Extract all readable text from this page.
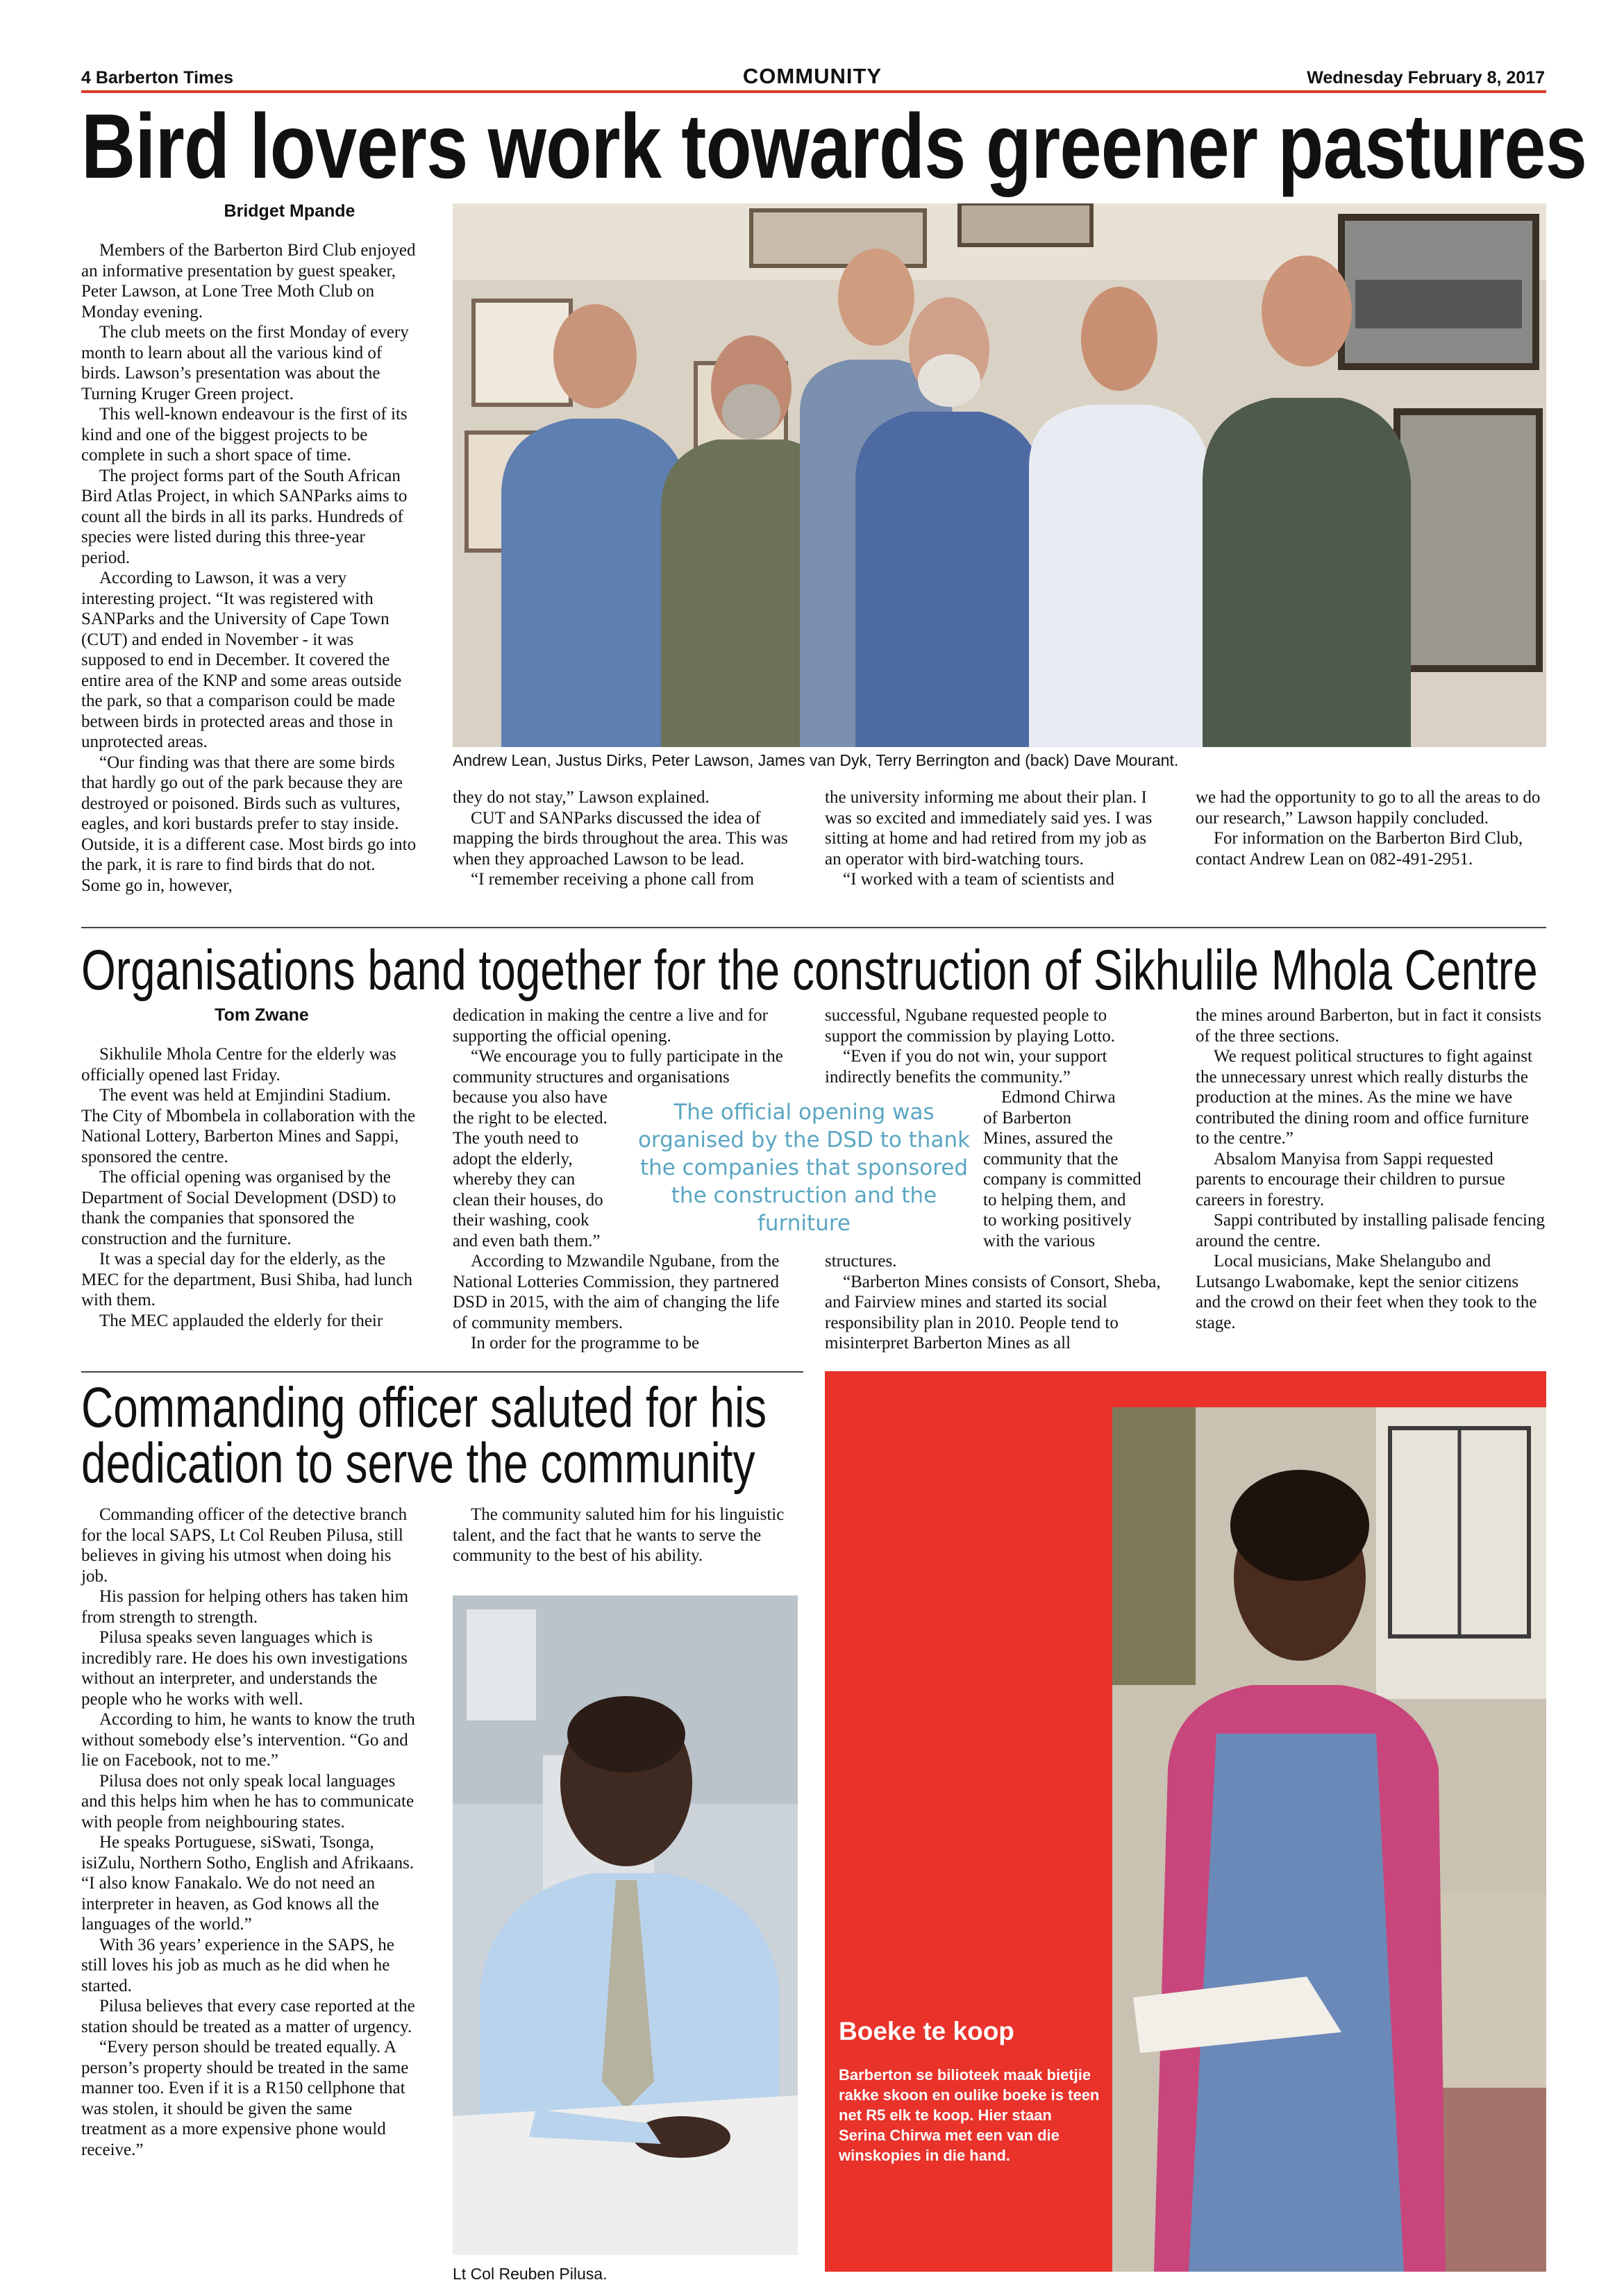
4 Barberton Times	COMMUNITY	Wednesday February 8, 2017
Bird lovers work towards greener pastures
Bridget Mpande

Members of the Barberton Bird Club enjoyed an informative presentation by guest speaker, Peter Lawson, at Lone Tree Moth Club on Monday evening.

The club meets on the first Monday of every month to learn about all the various kind of birds. Lawson’s presentation was about the Turning Kruger Green project.

This well-known endeavour is the first of its kind and one of the biggest projects to be complete in such a short space of time.

The project forms part of the South African Bird Atlas Project, in which SANParks aims to count all the birds in all its parks. Hundreds of species were listed during this three-year period.

According to Lawson, it was a very interesting project. “It was registered with SANParks and the University of Cape Town (CUT) and ended in November - it was supposed to end in December. It covered the entire area of the KNP and some areas outside the park, so that a comparison could be made between birds in protected areas and those in unprotected areas.

“Our finding was that there are some birds that hardly go out of the park because they are destroyed or poisoned. Birds such as vultures, eagles, and kori bustards prefer to stay inside. Outside, it is a different case. Most birds go into the park, it is rare to find birds that do not. Some go in, however,

Andrew Lean, Justus Dirks, Peter Lawson, James van Dyk, Terry Berrington and (back) Dave Mourant.

they do not stay,” Lawson explained.

CUT and SANParks discussed the idea of mapping the birds throughout the area. This was when they approached Lawson to be lead.

“I remember receiving a phone call from

the university informing me about their plan. I was so excited and immediately said yes. I was sitting at home and had retired from my job as an operator with bird-watching tours.

“I worked with a team of scientists and

we had the opportunity to go to all the areas to do our research,” Lawson happily concluded.

For information on the Barberton Bird Club, contact Andrew Lean on 082-491-2951.

Organisations band together for the construction of Sikhulile Mhola Centre
Tom Zwane

Sikhulile Mhola Centre for the elderly was officially opened last Friday.

The event was held at Emjindini Stadium. The City of Mbombela in collaboration with the National Lottery, Barberton Mines and Sappi, sponsored the centre.

The official opening was organised by the Department of Social Development (DSD) to thank the companies that sponsored the construction and the furniture.

It was a special day for the elderly, as the MEC for the department, Busi Shiba, had lunch with them.

The MEC applauded the elderly for their

dedication in making the centre a live and for supporting the official opening.

“We encourage you to fully participate in the community structures and organisations

because you also have
the right to be elected.
The youth need to
adopt the elderly,
whereby they can
clean their houses, do
their washing, cook
and even bath them.”

According to Mzwandile Ngubane, from the National Lotteries Commission, they partnered DSD in 2015, with the aim of changing the life of community members.

In order for the programme to be

The official opening was organised by the DSD to thank the companies that sponsored the construction and the furniture

successful, Ngubane requested people to support the commission by playing Lotto.

“Even if you do not win, your support indirectly benefits the community.”

Edmond Chirwa
of Barberton
Mines, assured the
community that the
company is committed
to helping them, and
to working positively
with the various

structures.

“Barberton Mines consists of Consort, Sheba, and Fairview mines and started its social responsibility plan in 2010. People tend to misinterpret Barberton Mines as all

the mines around Barberton, but in fact it consists of the three sections.

We request political structures to fight against the unnecessary unrest which really disturbs the production at the mines. As the mine we have contributed the dining room and office furniture to the centre.”

Absalom Manyisa from Sappi requested parents to encourage their children to pursue careers in forestry.

Sappi contributed by installing palisade fencing around the centre.

Local musicians, Make Shelangubo and Lutsango Lwabomake, kept the senior citizens and the crowd on their feet when they took to the stage.

Commanding officer saluted for his
dedication to serve the community

Commanding officer of the detective branch for the local SAPS, Lt Col Reuben Pilusa, still believes in giving his utmost when doing his job.

His passion for helping others has taken him from strength to strength.

Pilusa speaks seven languages which is incredibly rare. He does his own investigations without an interpreter, and understands the people who he works with well.

According to him, he wants to know the truth without somebody else’s intervention. “Go and lie on Facebook, not to me.”

Pilusa does not only speak local languages and this helps him when he has to communicate with people from neighbouring states.

He speaks Portuguese, siSwati, Tsonga, isiZulu, Northern Sotho, English and Afrikaans. “I also know Fanakalo. We do not need an interpreter in heaven, as God knows all the languages of the world.”

With 36 years’ experience in the SAPS, he still loves his job as much as he did when he started.

Pilusa believes that every case reported at the station should be treated as a matter of urgency.

“Every person should be treated equally. A person’s property should be treated in the same manner too. Even if it is a R150 cellphone that was stolen, it should be given the same treatment as a more expensive phone would receive.”

The community saluted him for his linguistic talent, and the fact that he wants to serve the community to the best of his ability.

Lt Col Reuben Pilusa.
Boeke te koop
Barberton se bilioteek maak bietjie rakke skoon en oulike boeke is teen net R5 elk te koop. Hier staan Serina Chirwa met een van die winskopies in die hand.
